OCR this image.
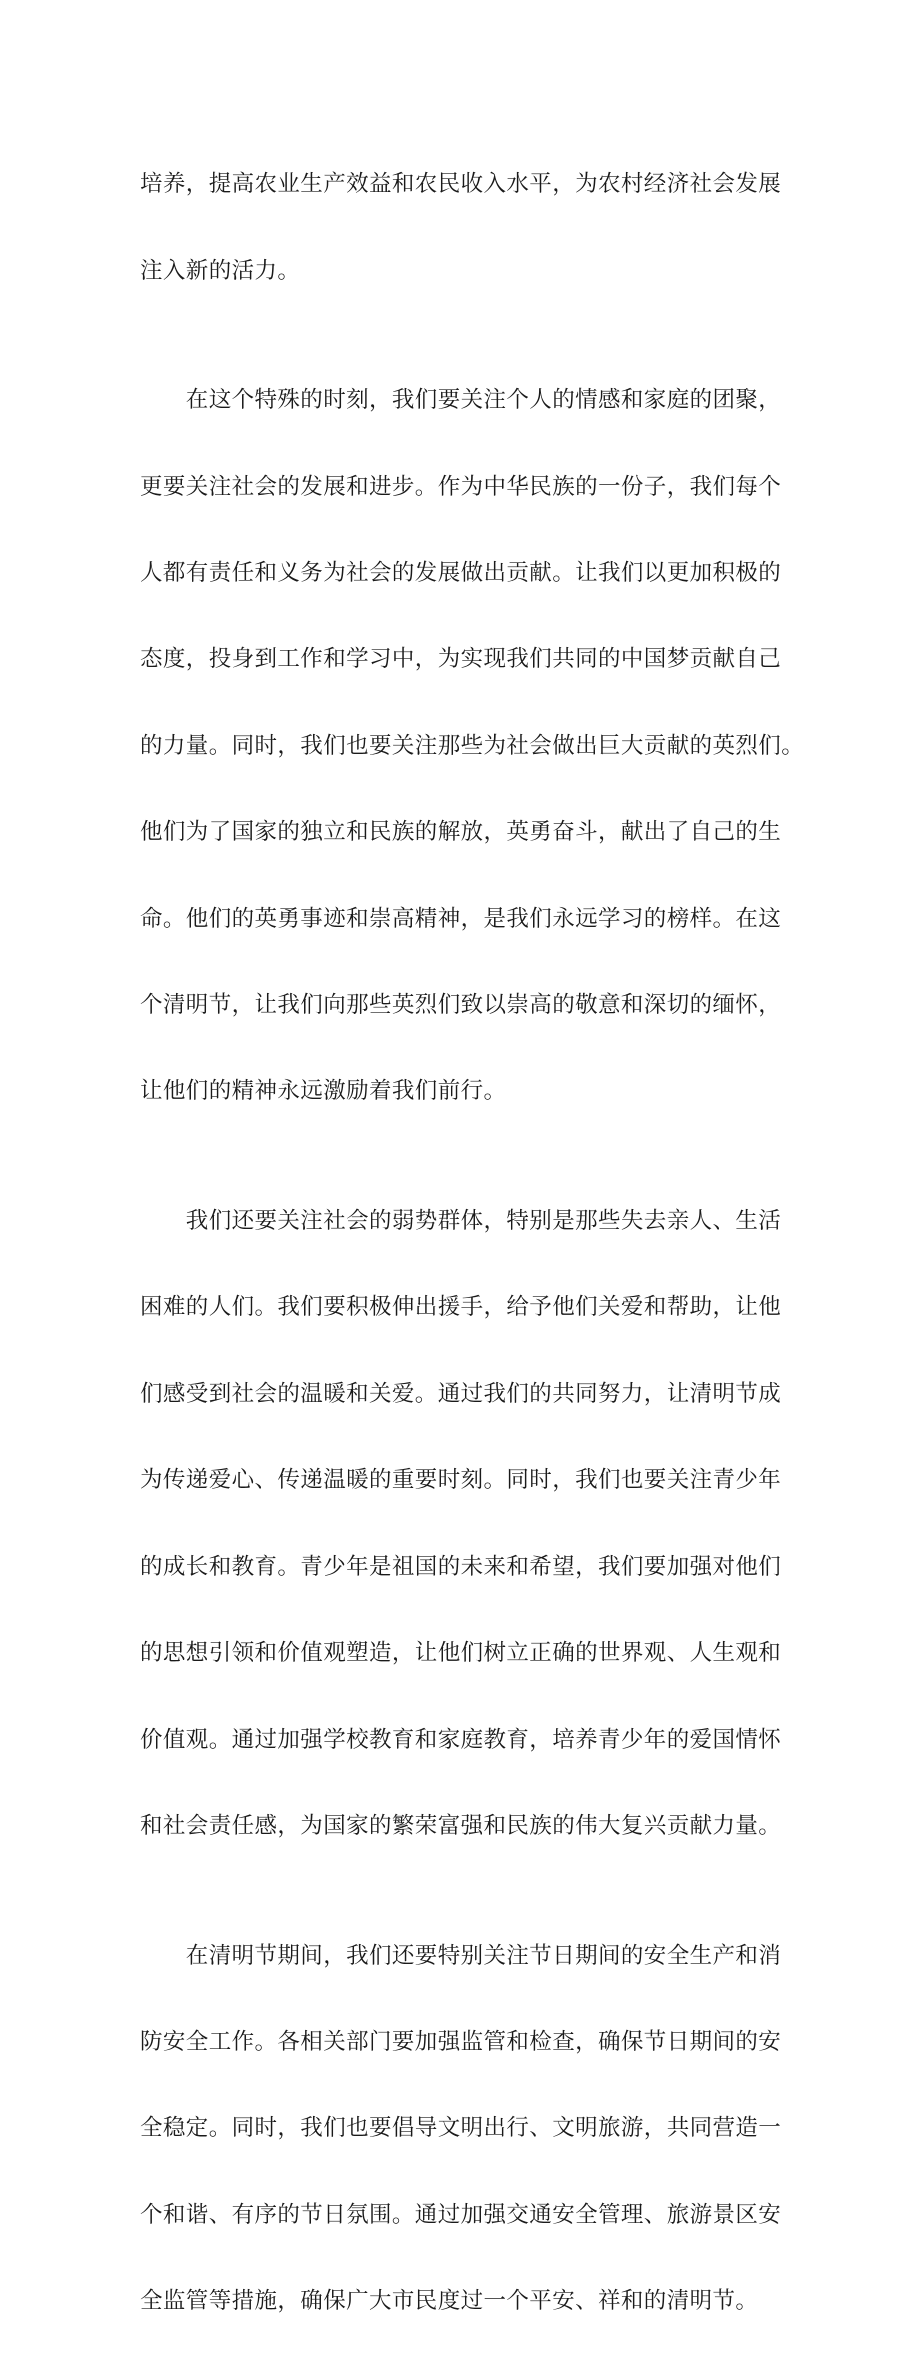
培养，提高农业生产效益和农民收入水平，为农村经济社会发展

注入新的活力。

　　在这个特殊的时刻，我们要关注个人的情感和家庭的团聚，

更要关注社会的发展和进步。作为中华民族的一份子，我们每个

人都有责任和义务为社会的发展做出贡献。让我们以更加积极的

态度，投身到工作和学习中，为实现我们共同的中国梦贡献自己

的力量。同时，我们也要关注那些为社会做出巨大贡献的英烈们。

他们为了国家的独立和民族的解放，英勇奋斗，献出了自己的生

命。他们的英勇事迹和崇高精神，是我们永远学习的榜样。在这

个清明节，让我们向那些英烈们致以崇高的敬意和深切的缅怀，

让他们的精神永远激励着我们前行。

　　我们还要关注社会的弱势群体，特别是那些失去亲人、生活

困难的人们。我们要积极伸出援手，给予他们关爱和帮助，让他

们感受到社会的温暖和关爱。通过我们的共同努力，让清明节成

为传递爱心、传递温暖的重要时刻。同时，我们也要关注青少年

的成长和教育。青少年是祖国的未来和希望，我们要加强对他们

的思想引领和价值观塑造，让他们树立正确的世界观、人生观和

价值观。通过加强学校教育和家庭教育，培养青少年的爱国情怀

和社会责任感，为国家的繁荣富强和民族的伟大复兴贡献力量。

　　在清明节期间，我们还要特别关注节日期间的安全生产和消

防安全工作。各相关部门要加强监管和检查，确保节日期间的安

全稳定。同时，我们也要倡导文明出行、文明旅游，共同营造一

个和谐、有序的节日氛围。通过加强交通安全管理、旅游景区安

全监管等措施，确保广大市民度过一个平安、祥和的清明节。
